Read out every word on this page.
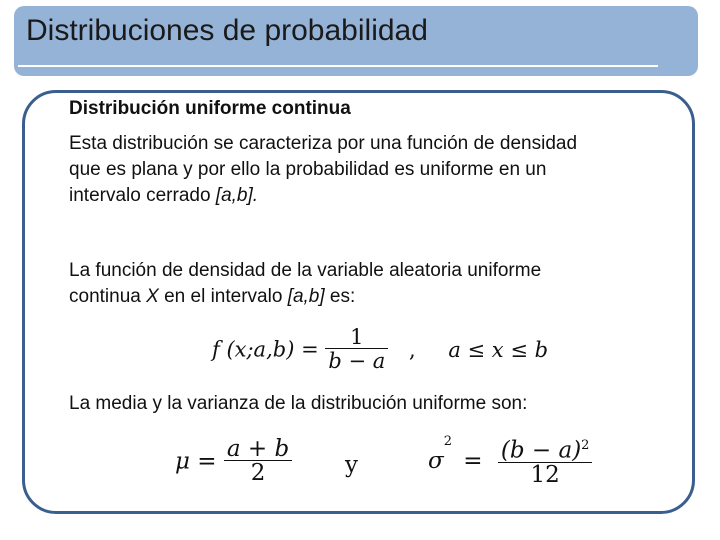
Distribuciones de probabilidad
Distribución uniforme continua
Esta distribución se caracteriza por una función de densidad
que es plana y por ello la probabilidad es uniforme en un
intervalo cerrado [a,b].
La función de densidad de la variable aleatoria uniforme
continua X en el intervalo [a,b] es:
f (x;a,b) = $\frac{1}{b - a}$ , a ≤ x ≤ b
La media y la varianza de la distribución uniforme son:
$\mu = \frac{a + b}{2}$ y	$\sigma^2 = \frac{(b - a)^2}{12}$
